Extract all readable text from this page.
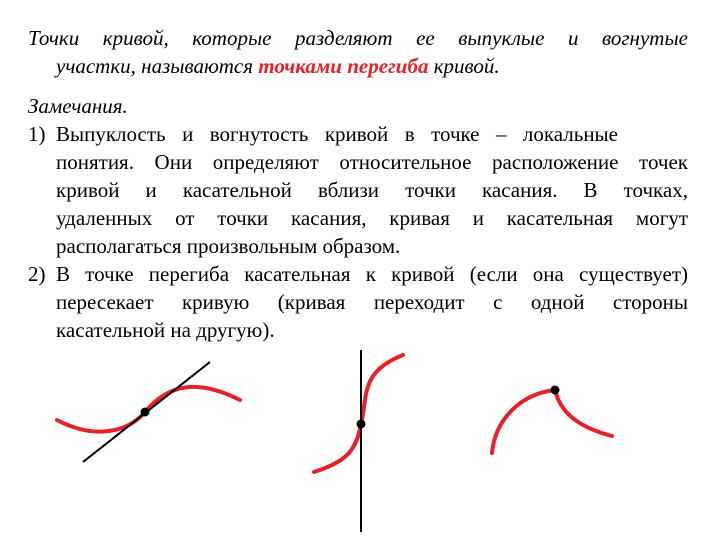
Точки кривой, которые разделяют ее выпуклые и вогнутые
участки, называются точками перегиба кривой.
Замечания.
1) Выпуклость и вогнутость кривой в точке – локальные
понятия. Они определяют относительное расположение точек
кривой и касательной вблизи точки касания. В точках,
удаленных от точки касания, кривая и касательная могут
располагаться произвольным образом.
2) В точке перегиба касательная к кривой (если она существует)
пересекает кривую (кривая переходит с одной стороны
касательной на другую).
